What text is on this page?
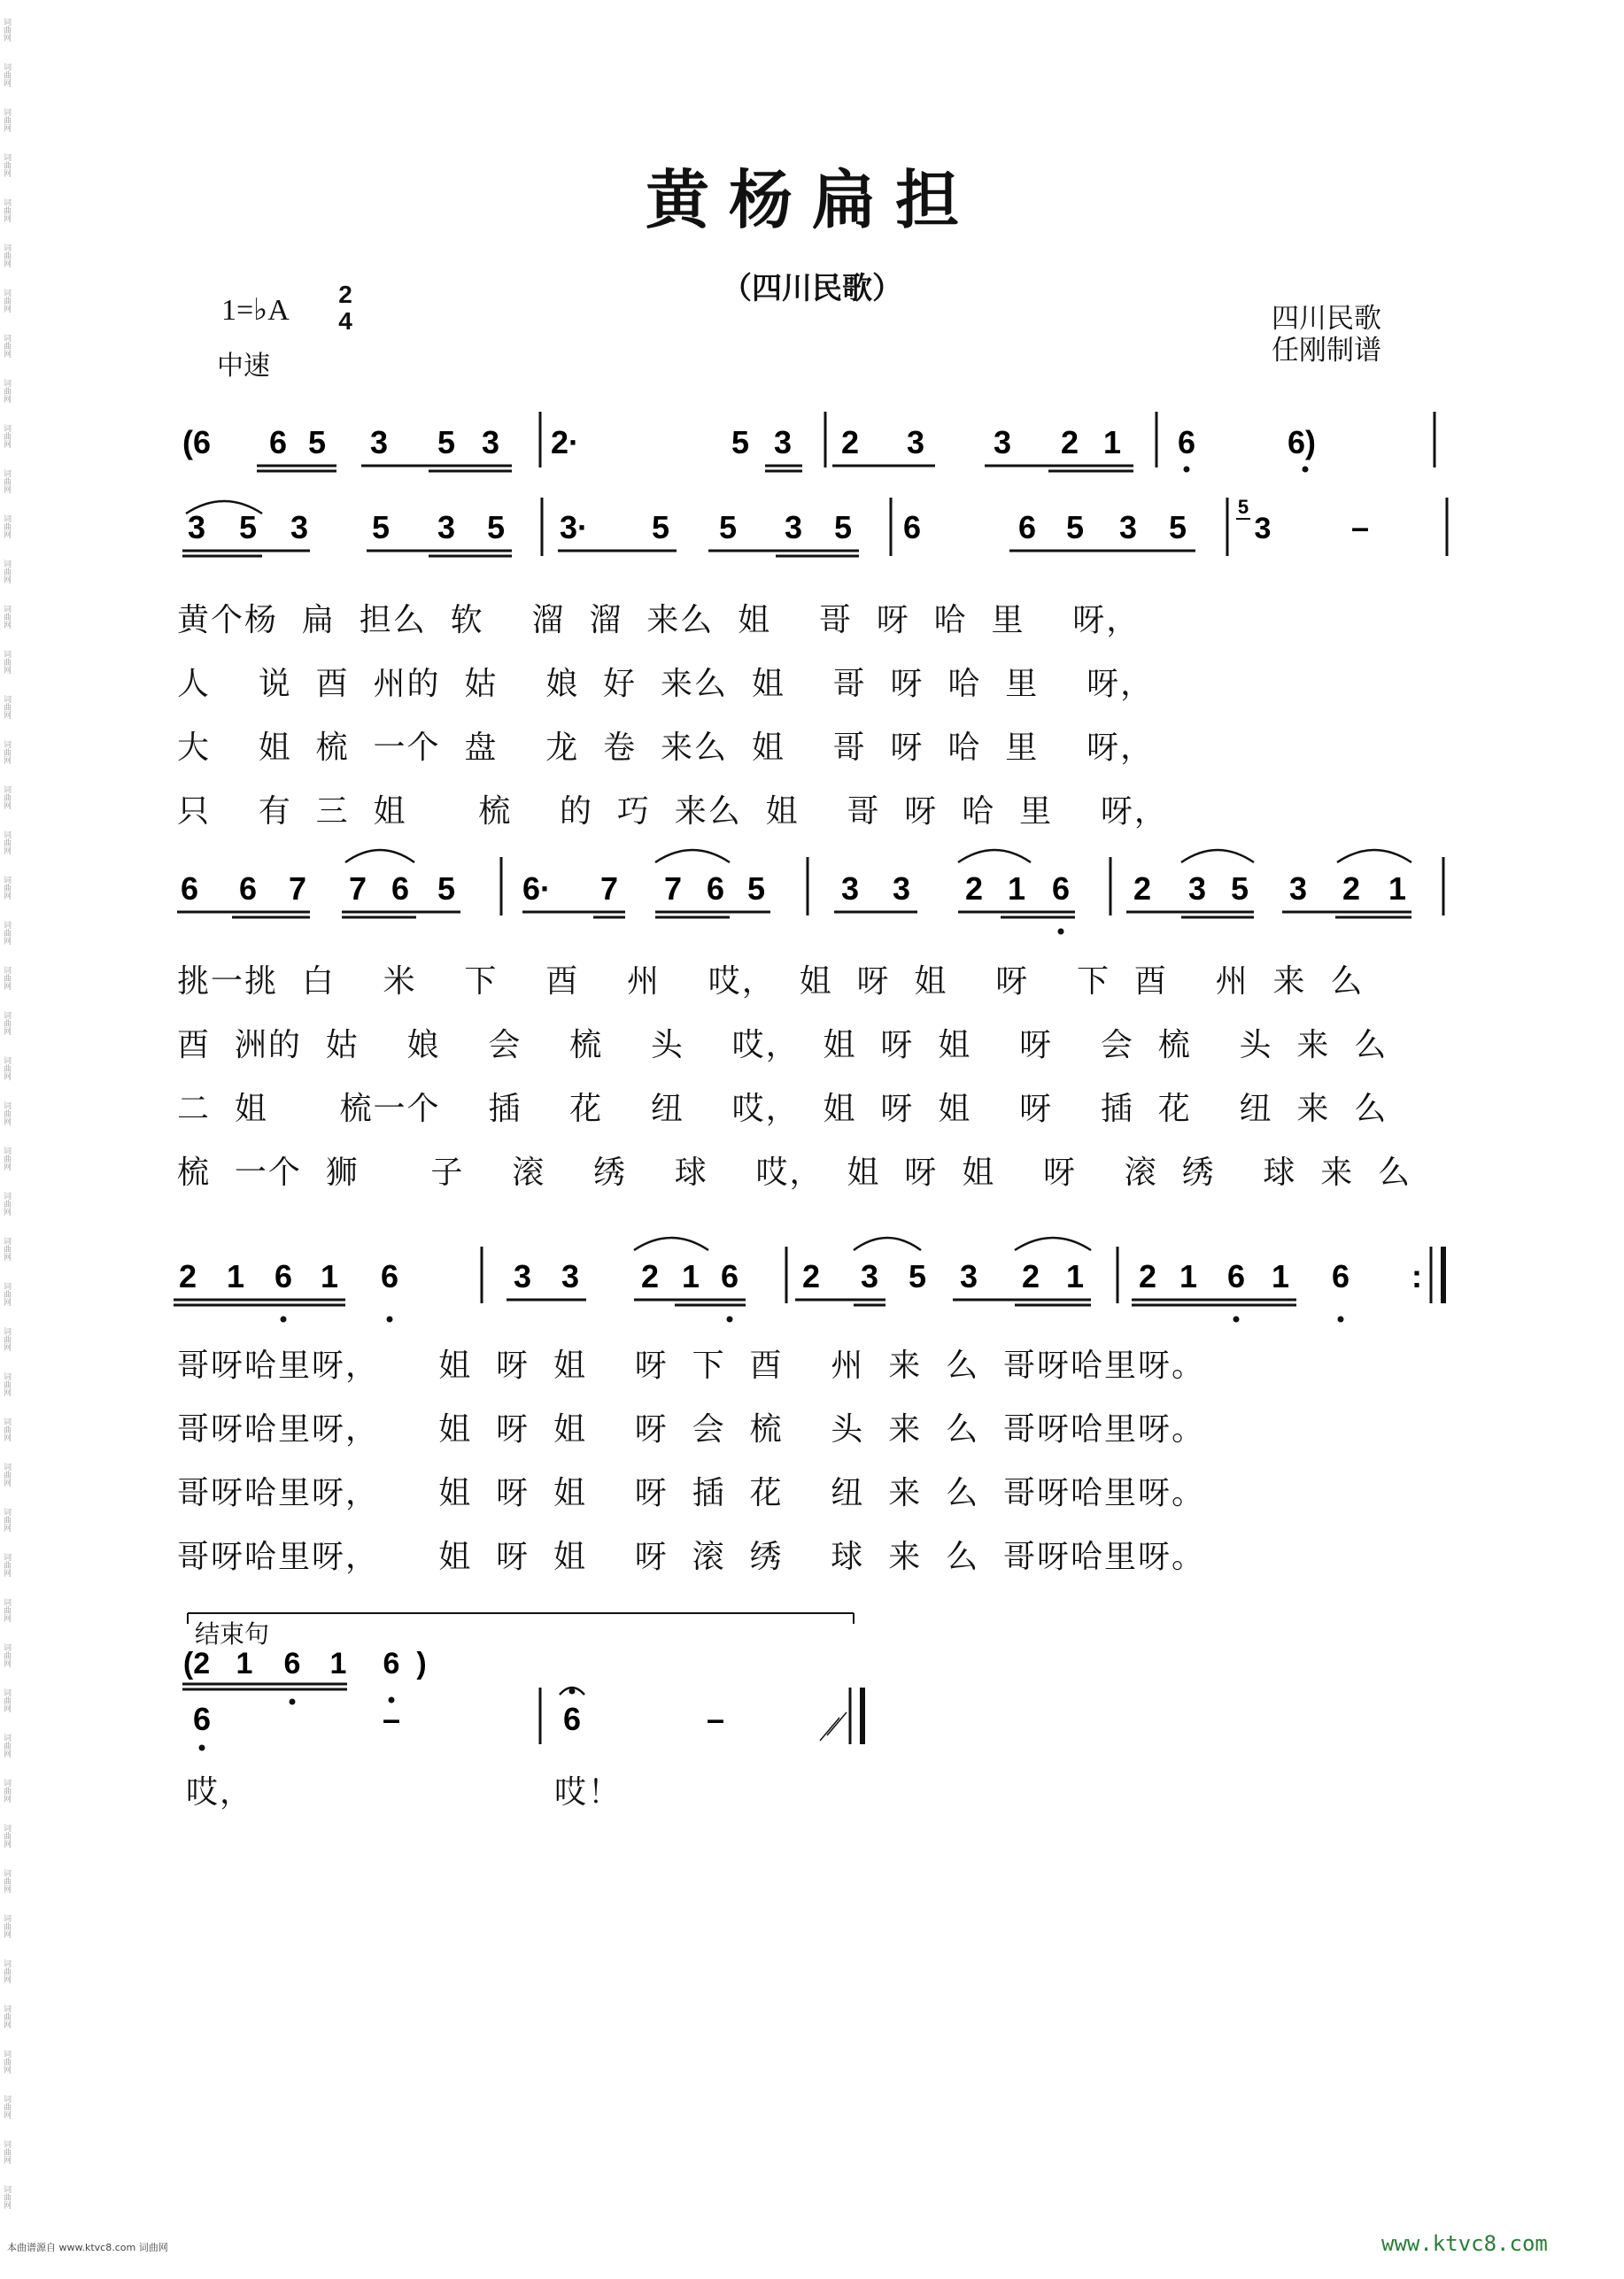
词曲网
词曲网
词曲网
词曲网
词曲网
词曲网
词曲网
词曲网
词曲网
词曲网
词曲网
词曲网
词曲网
词曲网
词曲网
词曲网
词曲网
词曲网
词曲网
词曲网
词曲网
词曲网
词曲网
词曲网
词曲网
词曲网
词曲网
词曲网
词曲网
词曲网
词曲网
词曲网
词曲网
词曲网
词曲网
词曲网
词曲网
词曲网
词曲网
词曲网
词曲网
词曲网
词曲网
词曲网
词曲网
词曲网
词曲网
词曲网
词曲网
黄杨扁担
（四川民歌）
1=♭A 2
4
中速
四川民歌
任刚制谱
(6 6 5 3 5 3 2·	5 3 2 3 3 2 1 6	6)
3 5 3 5 3 5 3· 5 5 3 5 6	6 5 3 5
5
3	–
6 6 7 7 6 5 6· 7 7 6 5 3 3 2 1 6 2 3 5 3 2 1
2 1 6 1 6	3 3 2 1 6 2 3 5 3 2 1 2 1 6 1 6 :
(2 1 6 1 6 )
6	–	6	–
黄个杨  扁  担么  软    溜  溜  来么  姐    哥  呀  哈  里    呀，
人    说  酉  州的  姑    娘  好  来么  姐    哥  呀  哈  里    呀，
大    姐  梳  一个  盘    龙  卷  来么  姐    哥  呀  哈  里    呀，
只    有  三  姐      梳    的  巧  来么  姐    哥  呀  哈  里    呀，
挑一挑  白    米    下    酉    州    哎，  姐  呀  姐    呀    下  酉    州  来  么
酉  洲的  姑    娘    会    梳    头    哎，  姐  呀  姐    呀    会  梳    头  来  么
二  姐      梳一个    插    花    纽    哎，  姐  呀  姐    呀    插  花    纽  来  么
梳  一个  狮      子    滚    绣    球    哎，  姐  呀  姐    呀    滚  绣    球  来  么
哥呀哈里呀，     姐  呀  姐    呀  下  酉    州  来  么  哥呀哈里呀。
哥呀哈里呀，     姐  呀  姐    呀  会  梳    头  来  么  哥呀哈里呀。
哥呀哈里呀，     姐  呀  姐    呀  插  花    纽  来  么  哥呀哈里呀。
哥呀哈里呀，     姐  呀  姐    呀  滚  绣    球  来  么  哥呀哈里呀。
结束句
哎，	哎！
本曲谱源自 www.ktvc8.com 词曲网	www.ktvc8.com
